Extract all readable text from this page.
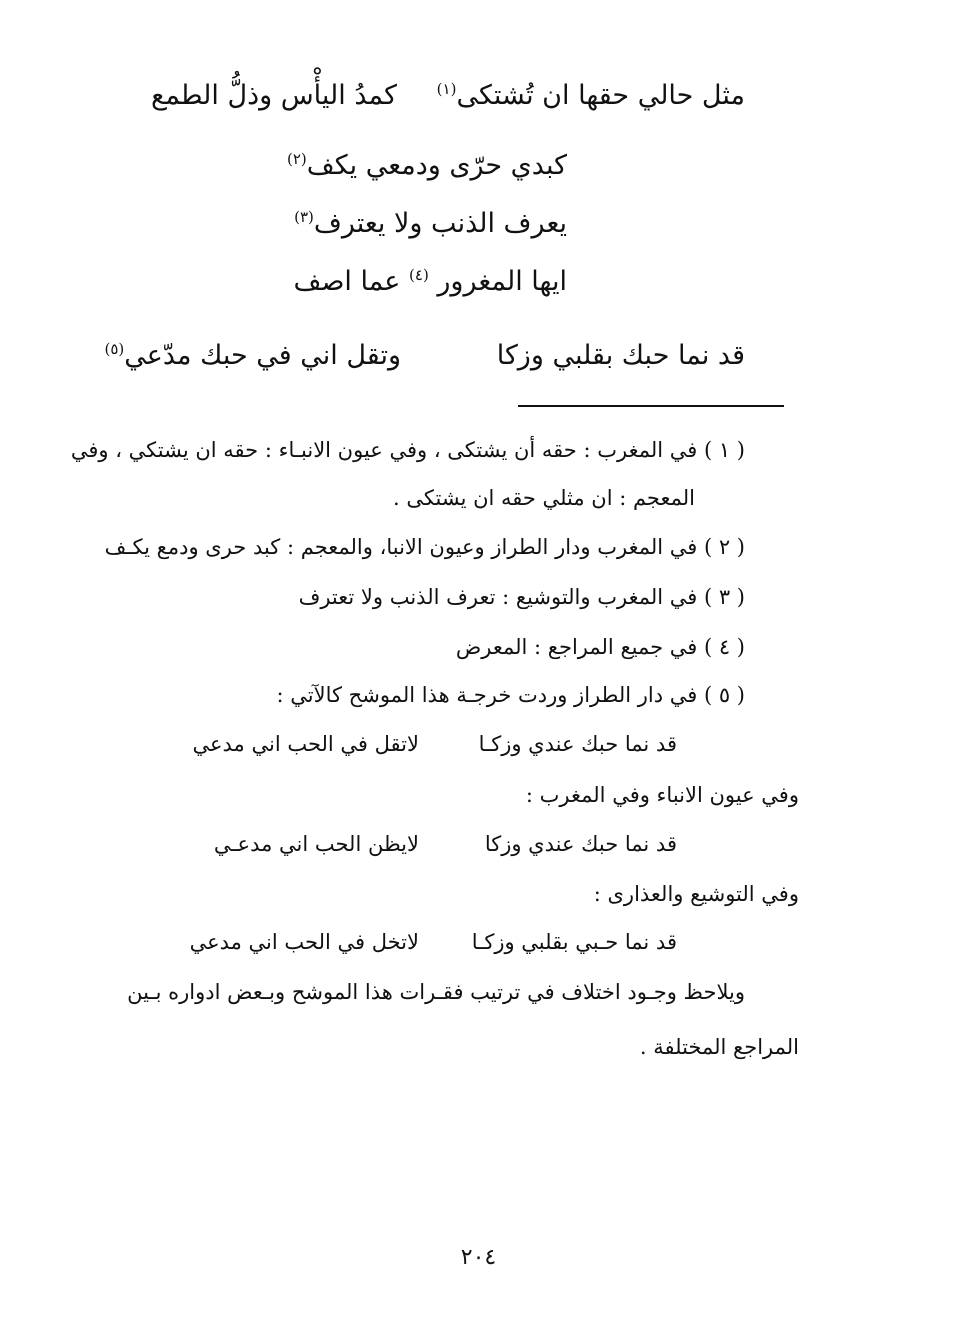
مثل حالي حقها ان تُشتكى$^{(١)}$
كمدُ اليأْس وذلُّ الطمع
كبدي حرّى ودمعي يكف$^{(٢)}$
يعرف الذنب ولا يعترف$^{(٣)}$
ايها المغرور $^{(٤)}$ عما اصف
قد نما حبك بقلبي وزكا
وتقل اني في حبك مدّعي$^{(٥)}$
( ١ ) في المغرب : حقه أن يشتكى ، وفي عيون الانبـاء : حقه ان يشتكي ، وفي
المعجم : ان مثلي حقه ان يشتكى .
( ٢ ) في المغرب ودار الطراز وعيون الانبا، والمعجم : كبد حرى ودمع يكـف
( ٣ ) في المغرب والتوشيع : تعرف الذنب ولا تعترف
( ٤ ) في جميع المراجع : المعرض
( ٥ ) في دار الطراز وردت خرجـة هذا الموشح كالآتي :
قد نما حبك عندي وزكـا
لاتقل في الحب اني مدعي
وفي عيون الانباء وفي المغرب :
قد نما حبك عندي وزكا
لايظن الحب اني مدعـي
وفي التوشيع والعذارى :
قد نما حـبي بقلبي وزكـا
لاتخل في الحب اني مدعي
ويلاحظ وجـود اختلاف في ترتيب فقـرات هذا الموشح وبـعض ادواره بـين
المراجع المختلفة .
٢٠٤
